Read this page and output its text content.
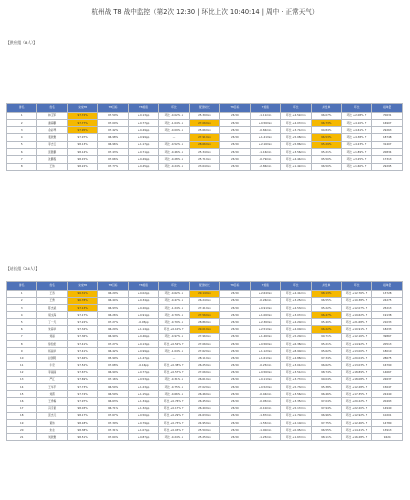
杭州战 T8 战中监控（第2次 12:30 | 环比上次 10:40:14 | 周中 · 正常天气）
【供应组（8人）】
排名	姓名	完成T8	T8目标	T8差值	环比	配送时长	T8目标	T差值	环比	并发单	环比	接单量
1	林卫军	97.72%	97.59%	+0.13pp	环比 -0.02% ↓	25.39min	26.50	-1.11min	环比 +4.52min	96.07%	环比 +2.08% ↑	70631
2	谢海鹏	97.77%	97.00%	+0.77pp	环比 -1.04% ↓	27.06min	26.50	+0.56min	环比 +4.07min	96.73%	环比 +4.10% ↑	16907
3	余彩琴	97.95%	97.42%	+0.49pp	环比 -0.09% ↓	25.66min	26.50	-0.84min	环比 +3.71min	94.84%	环比 +4.61% ↑	29263
4	裴欣雅	97.97%	96.98%	+0.99pp	—	27.91min	26.50	+1.41min	环比 +5.08min	96.53%	环比 +4.38% ↑	18748
5	李志云	98.13%	96.96%	+1.17pp	环比 -0.52% ↓	28.66min	26.50	+2.16min	环比 +5.86min	95.29%	环比 +4.23% ↑	31407
6	张胜鹏	98.14%	97.43%	+0.71pp	环比 -0.46% ↓	25.34min	26.50	-1.16min	环比 +3.56min	95.21%	环比 +1.89% ↑	20834
7	沈鹏程	98.15%	97.66%	+0.49pp	环比 -0.28% ↓	25.71min	26.50	-0.79min	环比 +4.44min	95.50%	环比 +3.25% ↑	17313
8	王伟	98.22%	97.77%	+0.45pp	环比 -0.24% ↓	23.64min	26.50	-2.86min	环比 +1.42min	96.50%	环比 +1.60% ↑	29295
【站长组（24人）】
排名	姓名	完成T8	T8目标	T8差值	环比	配送时长	T8目标	T差值	环比	并发单	环比	接单量
1	王涛	96.31%	96.29%	+0.02pp	环比 -0.62% ↓	29.14min	26.50	+2.64min	环比 +4.41min	98.13%	环比 +12.76% ↑	13728
2	王勇	96.78%	96.44%	+0.34pp	环比 -0.47% ↓	26.24min	26.50	-0.26min	环比 +3.25min	96.55%	环比 +10.38% ↑	24275
3	陈杰斌	97.13%	96.93%	+0.20pp	环比 -1.24% ↓	27.41min	26.50	+0.91min	环比 +4.53min	95.22%	环比 +12.07% ↑	25213
4	胡文海	97.17%	96.26%	+0.91pp	环比 -0.79% ↓	27.56min	26.50	+1.06min	环比 +3.07min	96.47%	环比 +19.62% ↑	19138
5	丁一凡	97.22%	97.27%	-0.05pp	环比 -0.79% ↓	28.86min	26.50	+2.36min	环比 +4.20min	95.40%	环比 +21.68% ↑	21033
6	朱海华	97.34%	96.20%	+1.14pp	环比 +0.10% ↑	29.01min	26.50	+2.51min	环比 +4.00min	96.22%	环比 +10.91% ↑	18233
7	刘丽	97.36%	96.90%	+0.46pp	环比 -0.97% ↓	27.96min	26.50	+1.46min	环比 +5.20min	99.71%	环比 +12.16% ↑	39867
8	徐伯伦	97.41%	97.27%	+0.13pp	环比 +0.52% ↑	27.06min	26.50	+0.56min	环比 +6.38min	95.21%	环比 +14.92% ↑	20513
9	杨丽华	97.41%	96.42%	+0.99pp	环比 -1.04% ↓	27.62min	26.50	+1.12min	环比 +8.90min	95.62%	环比 +13.00% ↑	18010
10	赵国明	97.46%	95.99%	+1.47pp	—	28.11min	26.50	+1.61min	环比 +4.88min	97.34%	环比 +20.04% ↑	28675
11	牛宏	97.52%	97.68%	-0.16pp	环比 +0.38% ↑	26.25min	26.50	-0.25min	环比 +3.01min	96.62%	环比 +13.03% ↑	16790
12	李丽丽	97.67%	96.90%	+0.77pp	环比 +0.57% ↑	27.06min	26.50	+0.56min	环比 +3.51min	98.74%	环比 +18.89% ↑	14667
13	严江	97.69%	97.16%	+0.53pp	环比 -0.31% ↓	26.61min	26.50	+0.11min	环比 +3.77min	99.04%	环比 +18.08% ↑	22637
14	王华平	97.73%	96.50%	+1.23pp	环比 -0.75% ↓	27.02min	26.50	+0.52min	环比 +5.73min	95.38%	环比 +12.28% ↑	15647
15	刘霞	97.74%	96.59%	+1.15pp	环比 -0.66% ↓	26.46min	26.50	-0.04min	环比 +3.56min	96.46%	环比 +17.35% ↑	22440
16	王秀梅	97.97%	96.63%	+1.34pp	环比 +0.76% ↑	26.45min	26.50	-0.05min	环比 +3.35min	97.04%	环比 +20.22% ↑	20493
17	冯宇星	98.03%	96.71%	+1.32pp	环比 +0.17% ↑	26.40min	26.50	-0.10min	环比 +5.17min	97.94%	环比 +22.20% ↑	14940
18	张杰元	98.17%	97.67%	+0.50pp	环比 +0.29% ↑	24.63min	26.50	-1.87min	环比 +1.70min	96.96%	环比 +12.92% ↑	10201
19	黄伟	98.18%	97.39%	+0.79pp	环比 +0.73% ↑	24.95min	26.50	-1.55min	环比 +2.10min	97.75%	环比 +12.46% ↑	14780
20	朱永	98.38%	97.31%	+1.07pp	环比 +0.03% ↑	25.50min	26.50	-1.00min	环比 +0.95min	96.55%	环比 +14.41% ↑	13913
21	刘欣雅	98.51%	97.64%	+0.87pp	环比 -0.24% ↓	25.25min	26.50	-1.25min	环比 +1.67min	98.11%	环比 +16.28% ↑	9424
